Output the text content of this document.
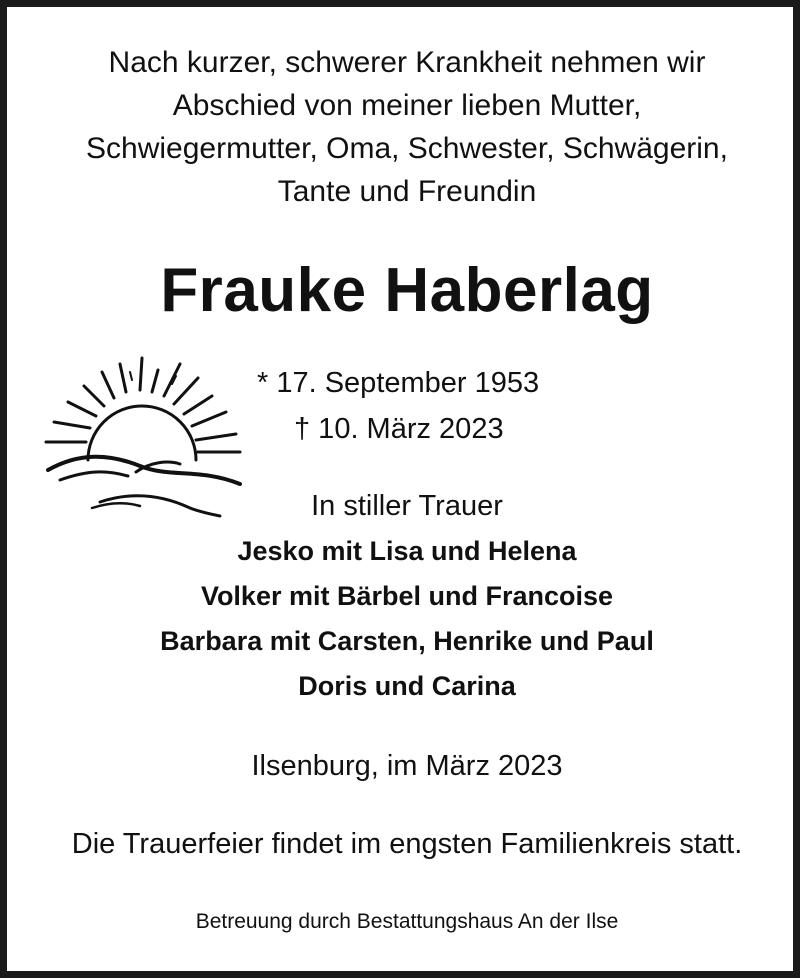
Nach kurzer, schwerer Krankheit nehmen wir
Abschied von meiner lieben Mutter,
Schwiegermutter, Oma, Schwester, Schwägerin,
Tante und Freundin
Frauke Haberlag
* 17. September 1953
† 10. März 2023
In stiller Trauer
Jesko mit Lisa und Helena
Volker mit Bärbel und Francoise
Barbara mit Carsten, Henrike und Paul
Doris und Carina
Ilsenburg, im März 2023
Die Trauerfeier findet im engsten Familienkreis statt.
Betreuung durch Bestattungshaus An der Ilse
